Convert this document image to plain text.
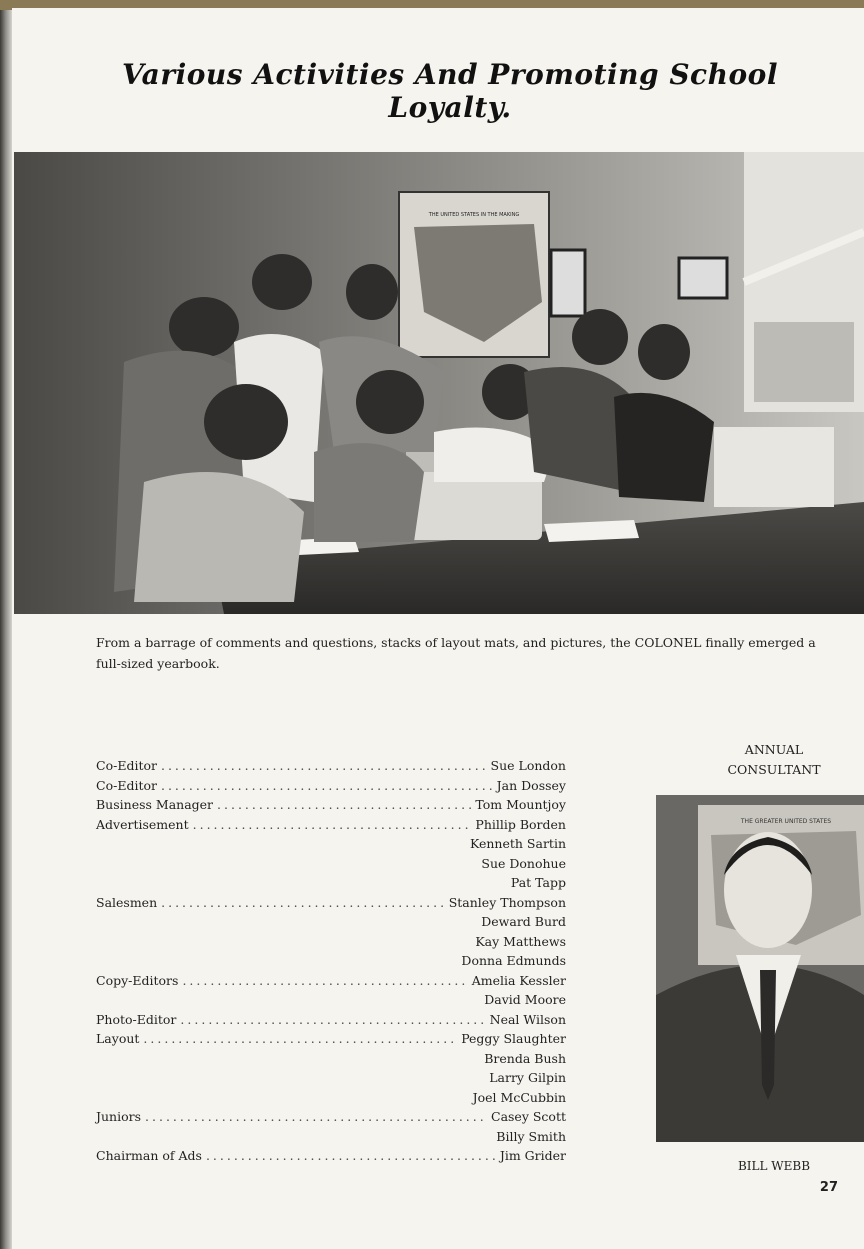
Various Activities And Promoting School Loyalty.
THE UNITED STATES IN THE MAKING
From a barrage of comments and questions, stacks of layout mats, and pictures, the COLONEL finally emerged a full-sized yearbook.
Co-Editor .....	Sue London
Co-Editor .....	Jan Dossey
Business Manager .....	Tom Mountjoy
Advertisement .....	Phillip Borden
Kenneth Sartin
Sue Donohue
Pat Tapp
Salesmen .....	Stanley Thompson
Deward Burd
Kay Matthews
Donna Edmunds
Copy-Editors .....	Amelia Kessler
David Moore
Photo-Editor .....	Neal Wilson
Layout .....	Peggy Slaughter
Brenda Bush
Larry Gilpin
Joel McCubbin
Juniors .....	Casey Scott
Billy Smith
Chairman of Ads .....	Jim Grider
ANNUAL
CONSULTANT
THE GREATER UNITED STATES
BILL WEBB
27
